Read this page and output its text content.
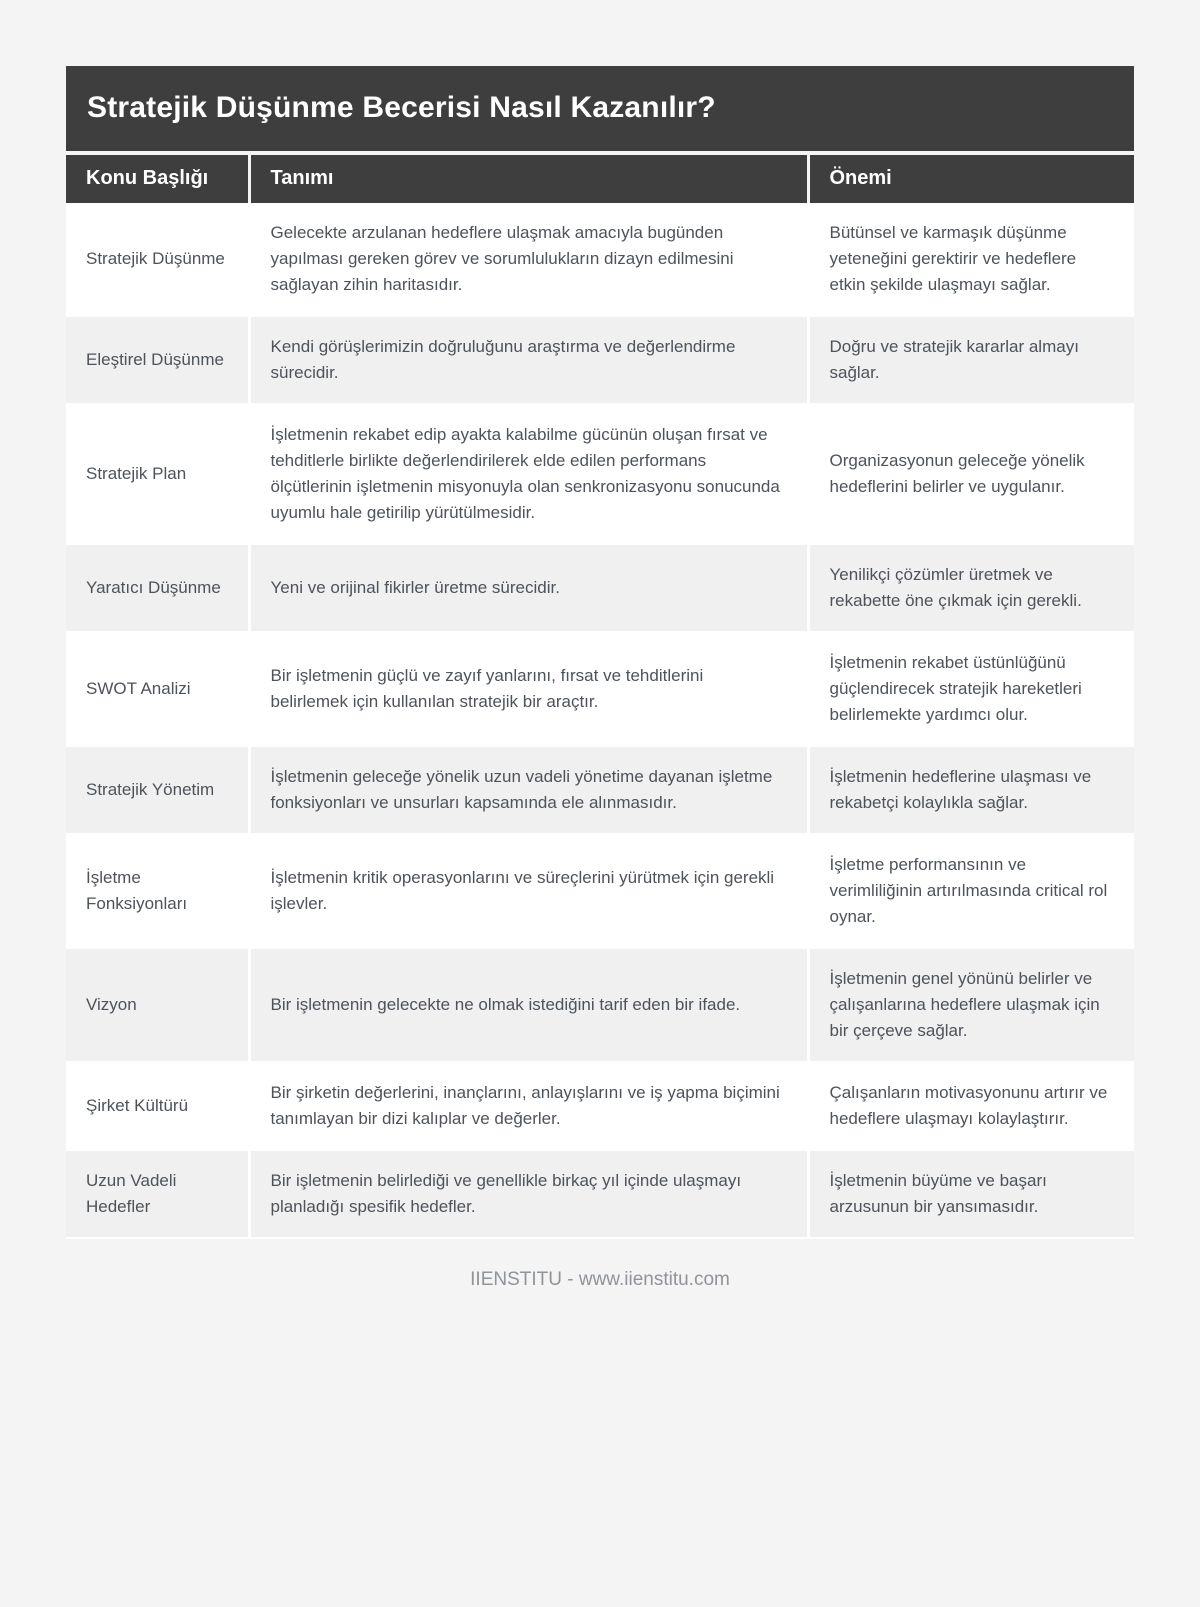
Stratejik Düşünme Becerisi Nasıl Kazanılır?
Konu Başlığı	Tanımı	Önemi
Stratejik Düşünme	Gelecekte arzulanan hedeflere ulaşmak amacıyla bugünden yapılması gereken görev ve sorumlulukların dizayn edilmesini sağlayan zihin haritasıdır.	Bütünsel ve karmaşık düşünme yeteneğini gerektirir ve hedeflere etkin şekilde ulaşmayı sağlar.
Eleştirel Düşünme	Kendi görüşlerimizin doğruluğunu araştırma ve değerlendirme sürecidir.	Doğru ve stratejik kararlar almayı sağlar.
Stratejik Plan	İşletmenin rekabet edip ayakta kalabilme gücünün oluşan fırsat ve tehditlerle birlikte değerlendirilerek elde edilen performans ölçütlerinin işletmenin misyonuyla olan senkronizasyonu sonucunda uyumlu hale getirilip yürütülmesidir.	Organizasyonun geleceğe yönelik hedeflerini belirler ve uygulanır.
Yaratıcı Düşünme	Yeni ve orijinal fikirler üretme sürecidir.	Yenilikçi çözümler üretmek ve rekabette öne çıkmak için gerekli.
SWOT Analizi	Bir işletmenin güçlü ve zayıf yanlarını, fırsat ve tehditlerini belirlemek için kullanılan stratejik bir araçtır.	İşletmenin rekabet üstünlüğünü güçlendirecek stratejik hareketleri belirlemekte yardımcı olur.
Stratejik Yönetim	İşletmenin geleceğe yönelik uzun vadeli yönetime dayanan işletme fonksiyonları ve unsurları kapsamında ele alınmasıdır.	İşletmenin hedeflerine ulaşması ve rekabetçi kolaylıkla sağlar.
İşletme Fonksiyonları	İşletmenin kritik operasyonlarını ve süreçlerini yürütmek için gerekli işlevler.	İşletme performansının ve verimliliğinin artırılmasında critical rol oynar.
Vizyon	Bir işletmenin gelecekte ne olmak istediğini tarif eden bir ifade.	İşletmenin genel yönünü belirler ve çalışanlarına hedeflere ulaşmak için bir çerçeve sağlar.
Şirket Kültürü	Bir şirketin değerlerini, inançlarını, anlayışlarını ve iş yapma biçimini tanımlayan bir dizi kalıplar ve değerler.	Çalışanların motivasyonunu artırır ve hedeflere ulaşmayı kolaylaştırır.
Uzun Vadeli Hedefler	Bir işletmenin belirlediği ve genellikle birkaç yıl içinde ulaşmayı planladığı spesifik hedefler.	İşletmenin büyüme ve başarı arzusunun bir yansımasıdır.
IIENSTITU - www.iienstitu.com
